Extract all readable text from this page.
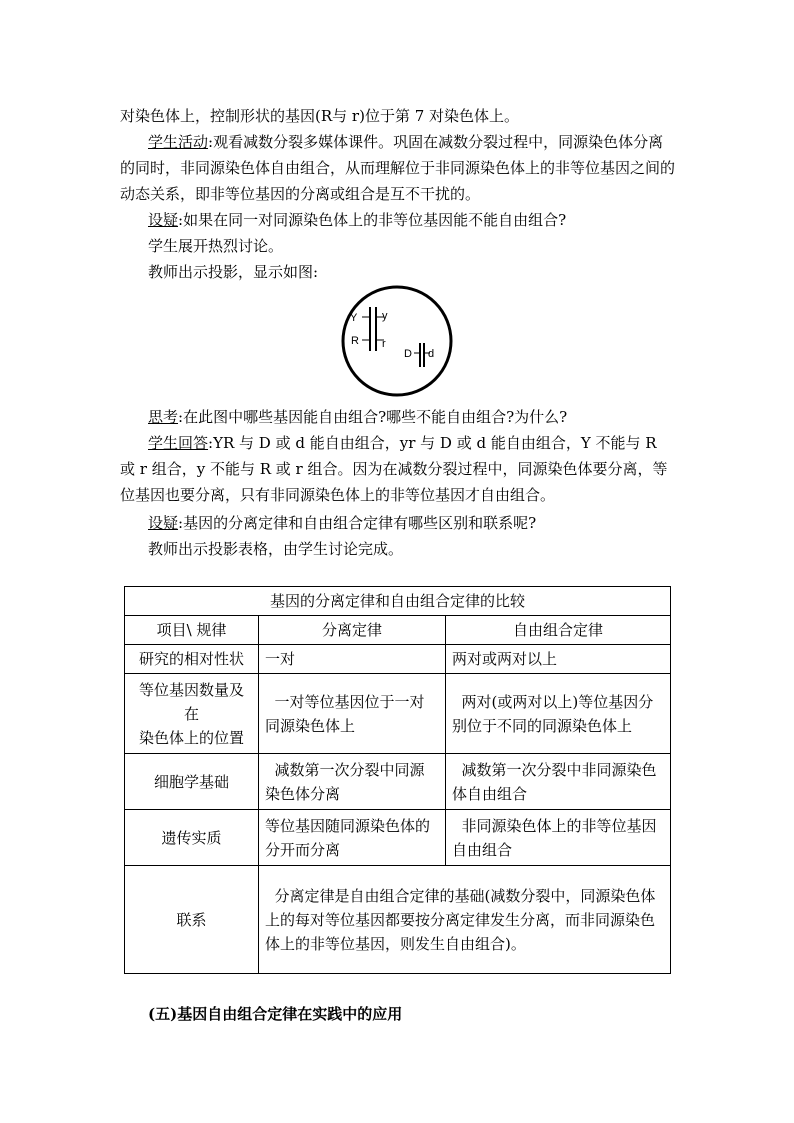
对染色体上，控制形状的基因(R与 r)位于第 7 对染色体上。

学生活动:观看减数分裂多媒体课件。巩固在减数分裂过程中，同源染色体分离的同时，非同源染色体自由组合，从而理解位于非同源染色体上的非等位基因之间的动态关系，即非等位基因的分离或组合是互不干扰的。

设疑:如果在同一对同源染色体上的非等位基因能不能自由组合?

学生展开热烈讨论。

教师出示投影，显示如图:

Y y
R r
D d

思考:在此图中哪些基因能自由组合?哪些不能自由组合?为什么?

学生回答:YR 与 D 或 d 能自由组合，yr 与 D 或 d 能自由组合，Y 不能与 R 或 r 组合，y 不能与 R 或 r 组合。因为在减数分裂过程中，同源染色体要分离，等位基因也要分离，只有非同源染色体上的非等位基因才自由组合。

设疑:基因的分离定律和自由组合定律有哪些区别和联系呢?

教师出示投影表格，由学生讨论完成。

基因的分离定律和自由组合定律的比较		
项目\ 规律	分离定律	自由组合定律
研究的相对性状	一对	两对或两对以上

等位基因数量及
在
染色体上的位置	一对等位基因位于一对同源染色体上	两对(或两对以上)等位基因分别位于不同的同源染色体上
细胞学基础	减数第一次分裂中同源染色体分离	减数第一次分裂中非同源染色体自由组合
遗传实质	等位基因随同源染色体的分开而分离	非同源染色体上的非等位基因自由组合
联系	分离定律是自由组合定律的基础(减数分裂中，同源染色体上的每对等位基因都要按分离定律发生分离，而非同源染色体上的非等位基因，则发生自由组合)。	
(五)基因自由组合定律在实践中的应用
